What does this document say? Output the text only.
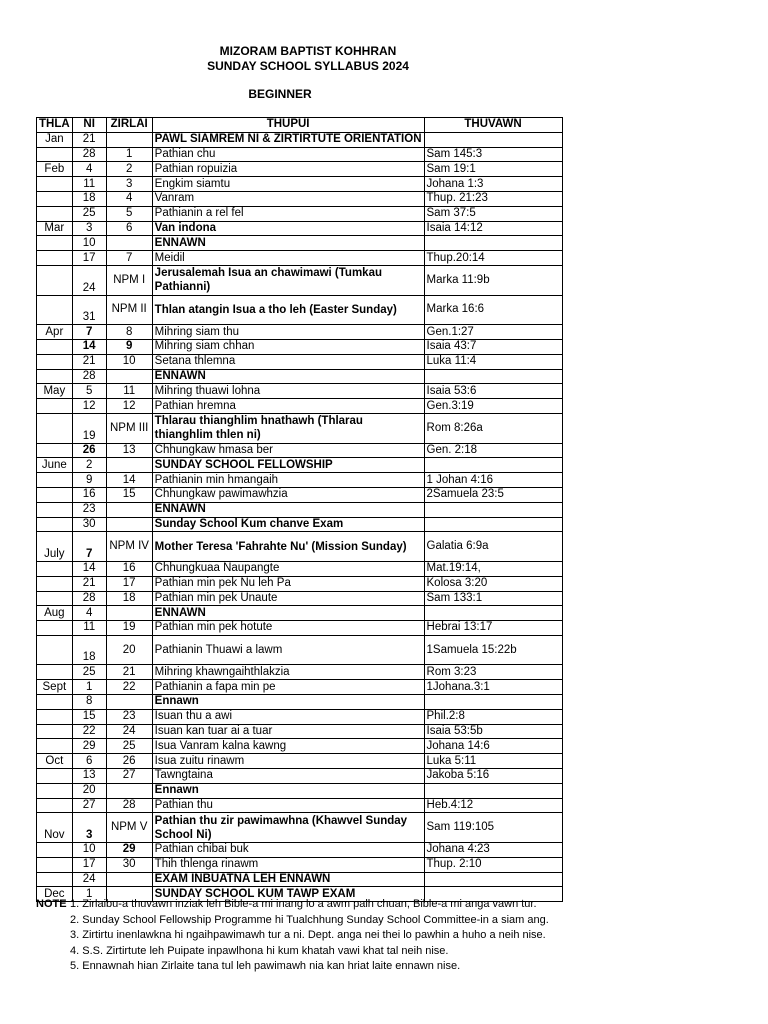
MIZORAM BAPTIST KOHHRAN
SUNDAY SCHOOL SYLLABUS 2024
BEGINNER
THLA	NI	ZIRLAI	THUPUI	THUVAWN
Jan	21		PAWL SIAMREM NI & ZIRTIRTUTE ORIENTATION	
	28	1	Pathian chu	Sam 145:3
Feb	4	2	Pathian ropuizia	Sam 19:1
	11	3	Engkim siamtu	Johana 1:3
	18	4	Vanram	Thup. 21:23
	25	5	Pathianin a rel fel	Sam 37:5
Mar	3	6	Van indona	Isaia 14:12
	10		ENNAWN	
	17	7	Meidil	Thup.20:14
	24	NPM I	Jerusalemah Isua an chawimawi (Tumkau Pathianni)	Marka 11:9b
	31	NPM II	Thlan atangin Isua a tho leh (Easter Sunday)	Marka 16:6
Apr	7	8	Mihring siam thu	Gen.1:27
	14	9	Mihring siam chhan	Isaia 43:7
	21	10	Setana thlemna	Luka 11:4
	28		ENNAWN	
May	5	11	Mihring thuawi lohna	Isaia 53:6
	12	12	Pathian hremna	Gen.3:19
	19	NPM III	Thlarau thianghlim hnathawh (Thlarau thianghlim thlen ni)	Rom 8:26a
	26	13	Chhungkaw hmasa ber	Gen. 2:18
June	2		SUNDAY SCHOOL FELLOWSHIP	
	9	14	Pathianin min hmangaih	1 Johan 4:16
	16	15	Chhungkaw pawimawhzia	2Samuela 23:5
	23		ENNAWN	
	30		Sunday School Kum chanve Exam	
July	7	NPM IV	Mother Teresa 'Fahrahte Nu' (Mission Sunday)	Galatia 6:9a
	14	16	Chhungkuaa Naupangte	Mat.19:14,
	21	17	Pathian min pek Nu leh Pa	Kolosa 3:20
	28	18	Pathian min pek Unaute	Sam 133:1
Aug	4		ENNAWN	
	11	19	Pathian min pek hotute	Hebrai 13:17
	18	20	Pathianin Thuawi a lawm	1Samuela 15:22b
	25	21	Mihring khawngaihthlakzia	Rom 3:23
Sept	1	22	Pathianin a fapa min pe	1Johana.3:1
	8		Ennawn	
	15	23	Isuan thu a awi	Phil.2:8
	22	24	Isuan kan tuar ai a tuar	Isaia 53:5b
	29	25	Isua Vanram kalna kawng	Johana 14:6
Oct	6	26	Isua zuitu rinawm	Luka 5:11
	13	27	Tawngtaina	Jakoba 5:16
	20		Ennawn	
	27	28	Pathian thu	Heb.4:12
Nov	3	NPM V	Pathian thu zir pawimawhna (Khawvel Sunday School Ni)	Sam 119:105
	10	29	Pathian chibai buk	Johana 4:23
	17	30	Thih thlenga rinawm	Thup. 2:10
	24		EXAM INBUATNA LEH ENNAWN	
Dec	1		SUNDAY SCHOOL KUM TAWP EXAM	
NOTE 1. Zirlaibu-a thuvawn inziak leh Bible-a mi inang lo a awm palh chuan, Bible-a mi anga vawn tur.
2. Sunday School Fellowship Programme hi Tualchhung Sunday School Committee-in a siam ang.
3. Zirtirtu inenlawkna hi ngaihpawimawh tur a ni. Dept. anga nei thei lo pawhin a huho a neih nise.
4. S.S. Zirtirtute leh Puipate inpawlhona hi kum khatah vawi khat tal neih nise.
5. Ennawnah hian Zirlaite tana tul leh pawimawh nia kan hriat laite ennawn nise.
